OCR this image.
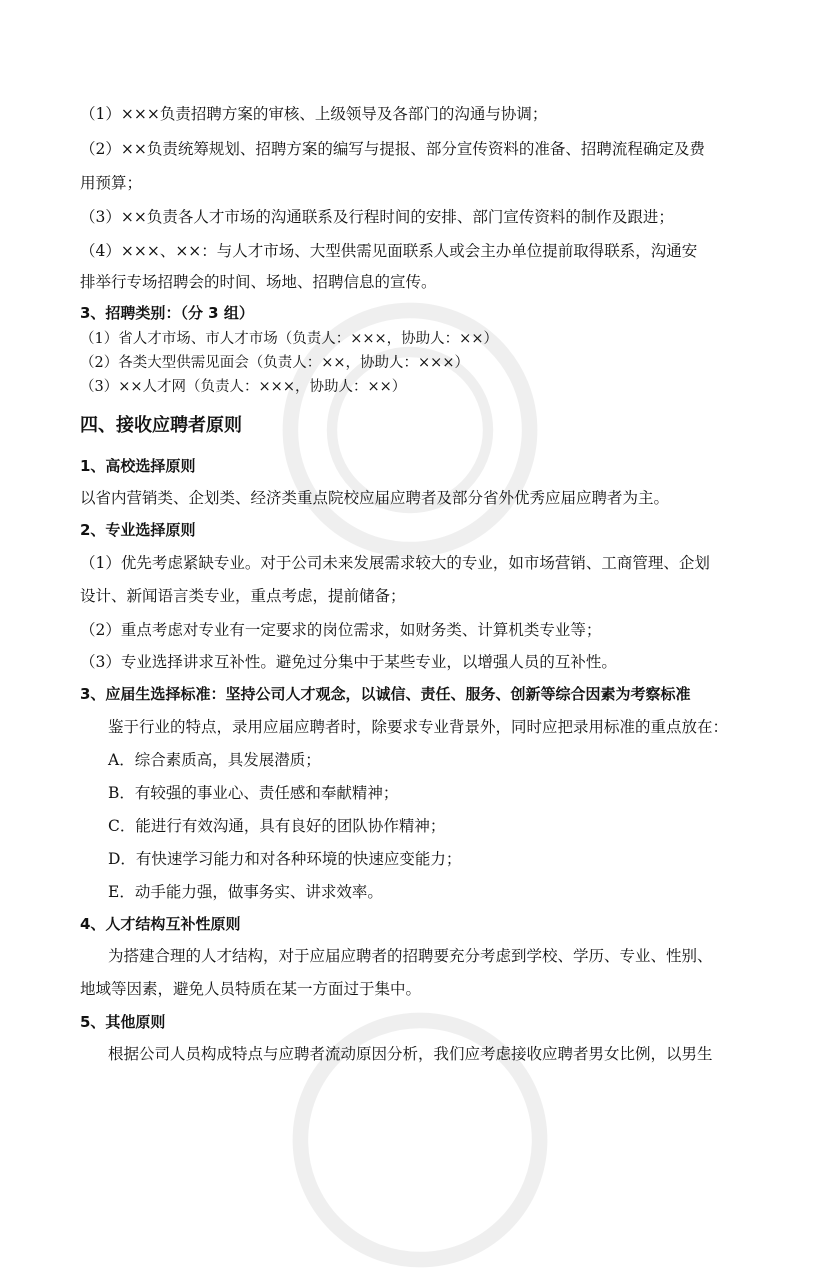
（1）×××负责招聘方案的审核、上级领导及各部门的沟通与协调；
（2）××负责统筹规划、招聘方案的编写与提报、部分宣传资料的准备、招聘流程确定及费
用预算；
（3）××负责各人才市场的沟通联系及行程时间的安排、部门宣传资料的制作及跟进；
（4）×××、××：与人才市场、大型供需见面联系人或会主办单位提前取得联系，沟通安
排举行专场招聘会的时间、场地、招聘信息的宣传。
3、招聘类别：（分 3 组）
（1）省人才市场、市人才市场（负责人：×××，协助人：××）
（2）各类大型供需见面会（负责人：××，协助人：×××）
（3）××人才网（负责人：×××，协助人：××）
四、接收应聘者原则
1、高校选择原则
以省内营销类、企划类、经济类重点院校应届应聘者及部分省外优秀应届应聘者为主。
2、专业选择原则
（1）优先考虑紧缺专业。对于公司未来发展需求较大的专业，如市场营销、工商管理、企划
设计、新闻语言类专业，重点考虑，提前储备；
（2）重点考虑对专业有一定要求的岗位需求，如财务类、计算机类专业等；
（3）专业选择讲求互补性。避免过分集中于某些专业，以增强人员的互补性。
3、应届生选择标准：坚持公司人才观念，以诚信、责任、服务、创新等综合因素为考察标准
鉴于行业的特点，录用应届应聘者时，除要求专业背景外，同时应把录用标准的重点放在：
A．综合素质高，具发展潜质；
B．有较强的事业心、责任感和奉献精神；
C．能进行有效沟通，具有良好的团队协作精神；
D．有快速学习能力和对各种环境的快速应变能力；
E．动手能力强，做事务实、讲求效率。
4、人才结构互补性原则
为搭建合理的人才结构，对于应届应聘者的招聘要充分考虑到学校、学历、专业、性别、
地域等因素，避免人员特质在某一方面过于集中。
5、其他原则
根据公司人员构成特点与应聘者流动原因分析，我们应考虑接收应聘者男女比例，以男生
